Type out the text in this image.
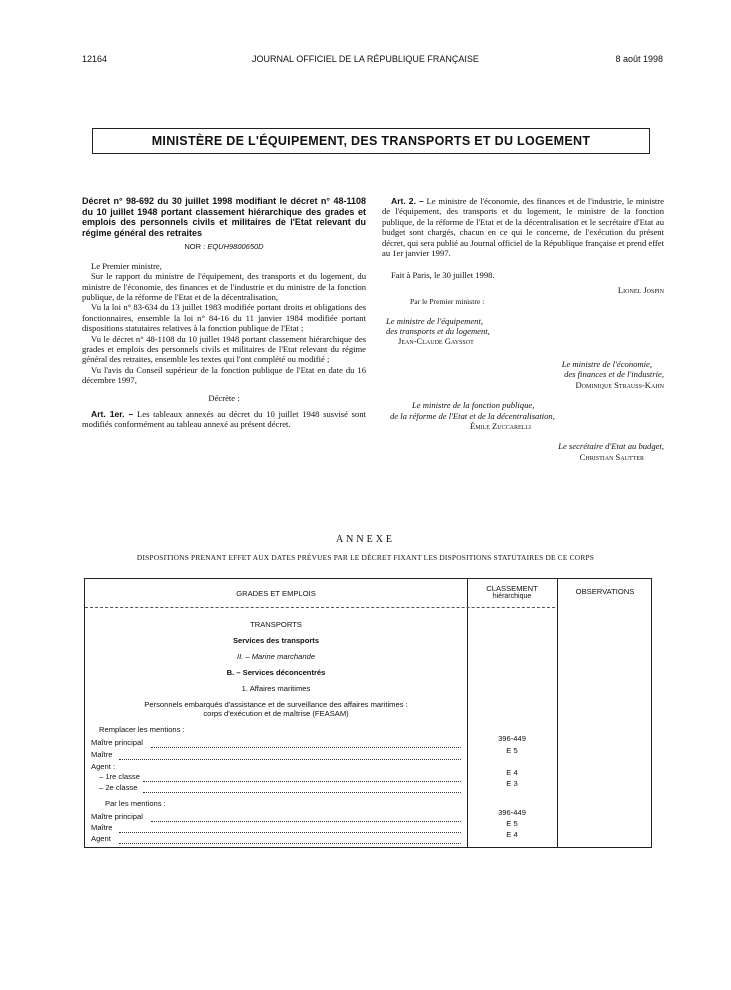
12164	JOURNAL OFFICIEL DE LA RÉPUBLIQUE FRANÇAISE	8 août 1998
MINISTÈRE DE L'ÉQUIPEMENT, DES TRANSPORTS ET DU LOGEMENT

Décret n° 98-692 du 30 juillet 1998 modifiant le décret n° 48-1108 du 10 juillet 1948 portant classement hiérarchique des grades et emplois des personnels civils et militaires de l'Etat relevant du régime général des retraites

NOR : EQUH9800650D

Le Premier ministre,

Sur le rapport du ministre de l'équipement, des transports et du logement, du ministre de l'économie, des finances et de l'industrie et du ministre de la fonction publique, de la réforme de l'Etat et de la décentralisation,

Vu la loi n° 83-634 du 13 juillet 1983 modifiée portant droits et obligations des fonctionnaires, ensemble la loi n° 84-16 du 11 janvier 1984 modifiée portant dispositions statutaires relatives à la fonction publique de l'Etat ;

Vu le décret n° 48-1108 du 10 juillet 1948 portant classement hiérarchique des grades et emplois des personnels civils et militaires de l'Etat relevant du régime général des retraites, ensemble les textes qui l'ont complété ou modifié ;

Vu l'avis du Conseil supérieur de la fonction publique de l'Etat en date du 16 décembre 1997,

Décrète :

Art. 1er. – Les tableaux annexés au décret du 10 juillet 1948 susvisé sont modifiés conformément au tableau annexé au présent décret.

Art. 2. – Le ministre de l'économie, des finances et de l'industrie, le ministre de l'équipement, des transports et du logement, le ministre de la fonction publique, de la réforme de l'Etat et de la décentralisation et le secrétaire d'Etat au budget sont chargés, chacun en ce qui le concerne, de l'exécution du présent décret, qui sera publié au Journal officiel de la République française et prend effet au 1er janvier 1997.

Fait à Paris, le 30 juillet 1998.

Lionel Jospin
Par le Premier ministre :
Le ministre de l'équipement,
des transports et du logement,
Jean-Claude Gayssot
Le ministre de l'économie,
des finances et de l'industrie,
Dominique Strauss-Kahn
Le ministre de la fonction publique,
de la réforme de l'Etat et de la décentralisation,
Émile Zuccarelli
Le secrétaire d'Etat au budget,
Christian Sautter
ANNEXE
DISPOSITIONS PRENANT EFFET AUX DATES PRÉVUES PAR LE DÉCRET FIXANT LES DISPOSITIONS STATUTAIRES DE CE CORPS
GRADES ET EMPLOIS
CLASSEMENT
hiérarchique
OBSERVATIONS
TRANSPORTS
Services des transports
II. – Marine marchande
B. – Services déconcentrés
1. Affaires maritimes
Personnels embarqués d'assistance et de surveillance des affaires maritimes :
corps d'exécution et de maîtrise (FEASAM)
Remplacer les mentions :
Maître principal	396-449
Maître	E 5
Agent :
– 1re classe	E 4
– 2e classe	E 3
Par les mentions :
Maître principal	396-449
Maître	E 5
Agent	E 4
